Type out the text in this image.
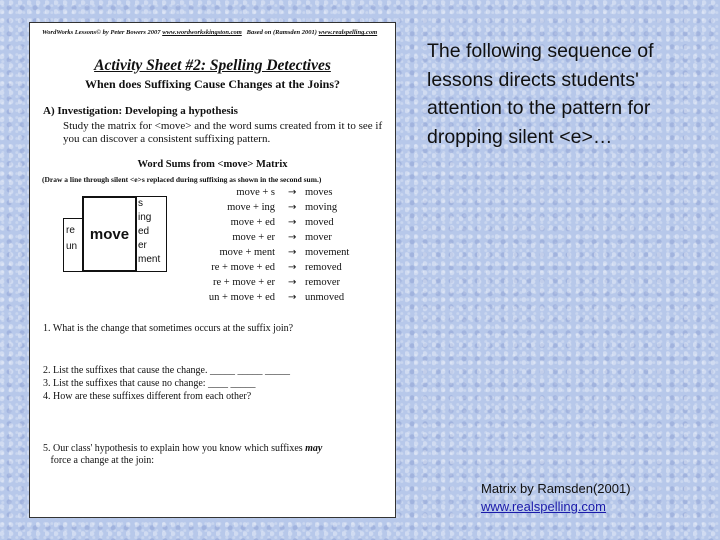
WordWorks Lessons© by Peter Bowers 2007 www.wordworkskingston.com Based on (Ramsden 2001) www.realspelling.com
Activity Sheet #2: Spelling Detectives
When does Suffixing Cause Changes at the Joins?
A) Investigation: Developing a hypothesis
Study the matrix for <move> and the word sums created from it to see if you can discover a consistent suffixing pattern.
Word Sums from <move> Matrix
(Draw a line through silent <e>s replaced during suffixing as shown in the second sum.)
re
un
move
s
ing
ed
er
ment
move + s → moves
move + ing → moving
move + ed → moved
move + er → mover
move + ment → movement
re + move + ed → removed
re + move + er → remover
un + move + ed → unmoved
1. What is the change that sometimes occurs at the suffix join?
2. List the suffixes that cause the change. _____ _____ _____
3. List the suffixes that cause no change: ____ _____
4. How are these suffixes different from each other?
5. Our class' hypothesis to explain how you know which suffixes may
force a change at the join:
The following sequence of lessons directs students' attention to the pattern for dropping silent <e>…
Matrix by Ramsden(2001)
www.realspelling.com
